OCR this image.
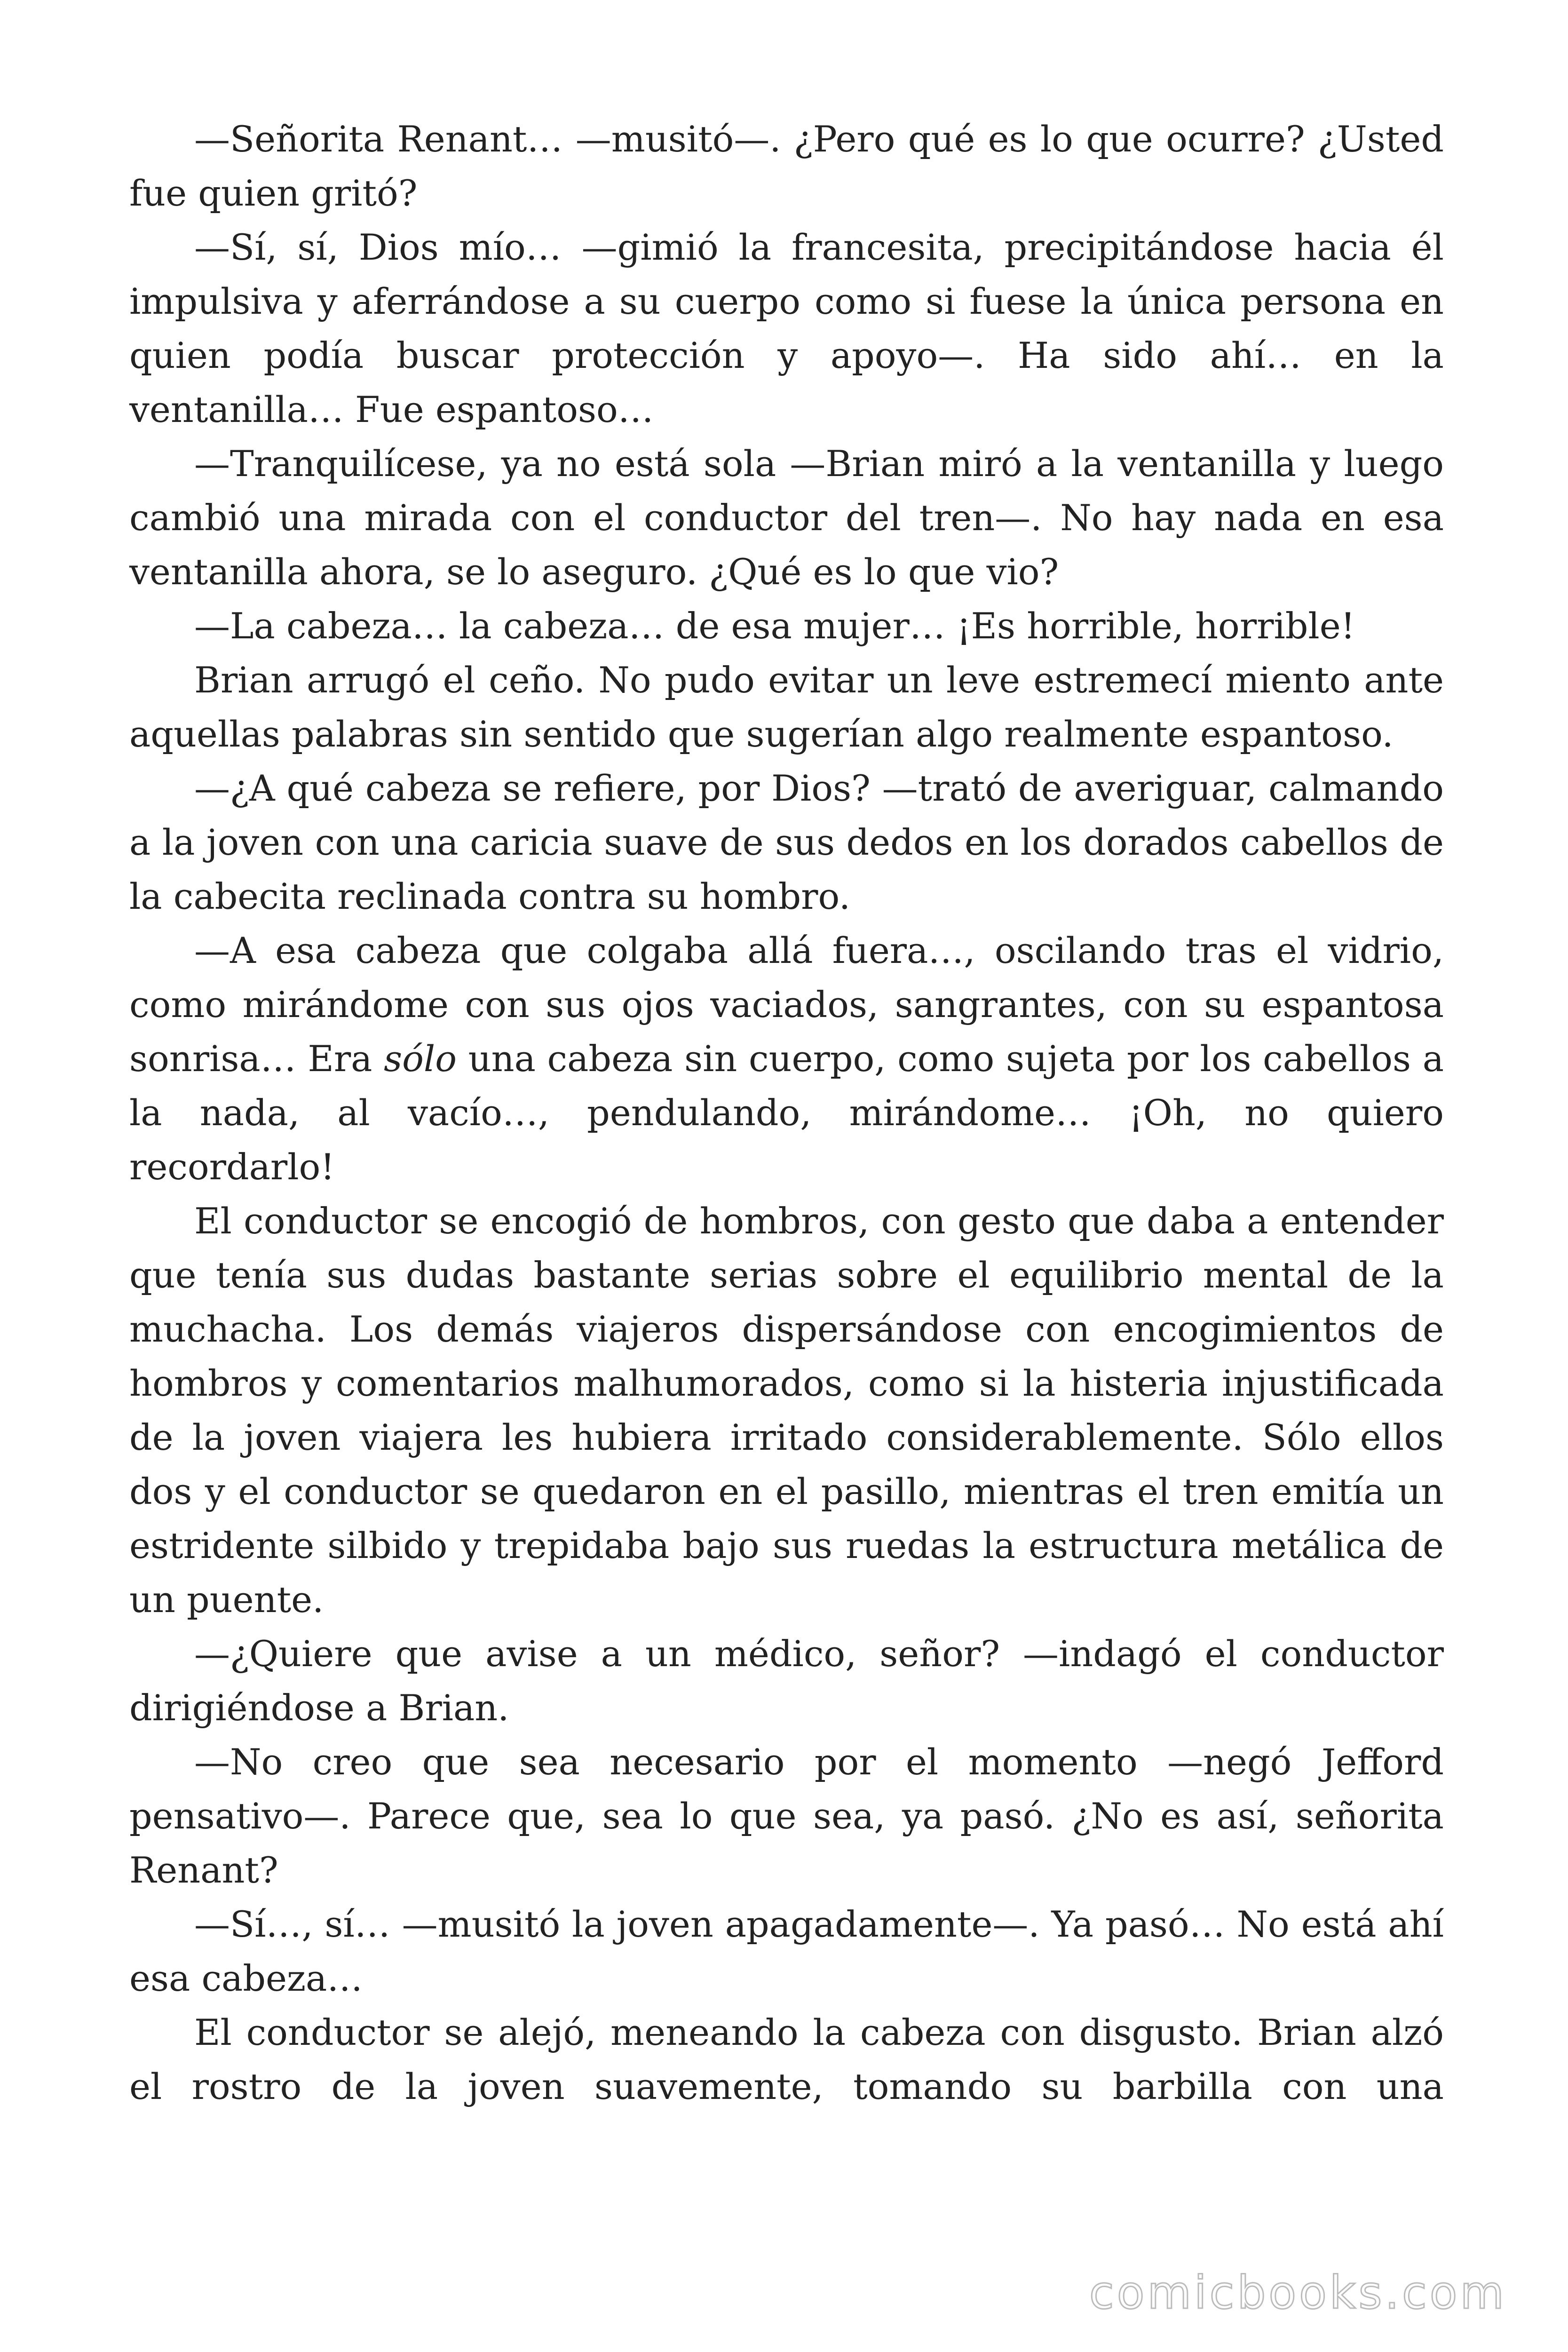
—Señorita Renant… —musitó—. ¿Pero qué es lo que ocurre? ¿Usted fue quien gritó?

—Sí, sí, Dios mío… —gimió la francesita, precipitándose hacia él impulsiva y aferrándose a su cuerpo como si fuese la única persona en quien podía buscar protección y apoyo—. Ha sido ahí… en la ventanilla… Fue espantoso…

—Tranquilícese, ya no está sola —Brian miró a la ventanilla y luego cambió una mirada con el conductor del tren—. No hay nada en esa ventanilla ahora, se lo aseguro. ¿Qué es lo que vio?

—La cabeza… la cabeza… de esa mujer… ¡Es horrible, horrible!

Brian arrugó el ceño. No pudo evitar un leve estremecí miento ante aquellas palabras sin sentido que sugerían algo realmente espantoso.

—¿A qué cabeza se refiere, por Dios? —trató de averiguar, calmando a la joven con una caricia suave de sus dedos en los dorados cabellos de la cabecita reclinada contra su hombro.

—A esa cabeza que colgaba allá fuera…, oscilando tras el vidrio, como mirándome con sus ojos vaciados, sangrantes, con su espantosa sonrisa… Era sólo una cabeza sin cuerpo, como sujeta por los cabellos a la nada, al vacío…, pendulando, mirándome… ¡Oh, no quiero recordarlo!

El conductor se encogió de hombros, con gesto que daba a entender que tenía sus dudas bastante serias sobre el equilibrio mental de la muchacha. Los demás viajeros dispersándose con encogimientos de hombros y comentarios malhumorados, como si la histeria injustificada de la joven viajera les hubiera irritado considerablemente. Sólo ellos dos y el conductor se quedaron en el pasillo, mientras el tren emitía un estridente silbido y trepidaba bajo sus ruedas la estructura metálica de un puente.

—¿Quiere que avise a un médico, señor? —indagó el conductor dirigiéndose a Brian.

—No creo que sea necesario por el momento —negó Jefford pensativo—. Parece que, sea lo que sea, ya pasó. ¿No es así, señorita Renant?

—Sí…, sí… —musitó la joven apagadamente—. Ya pasó… No está ahí esa cabeza…

El conductor se alejó, meneando la cabeza con disgusto. Brian alzó el rostro de la joven suavemente, tomando su barbilla con una

comicbooks.com
